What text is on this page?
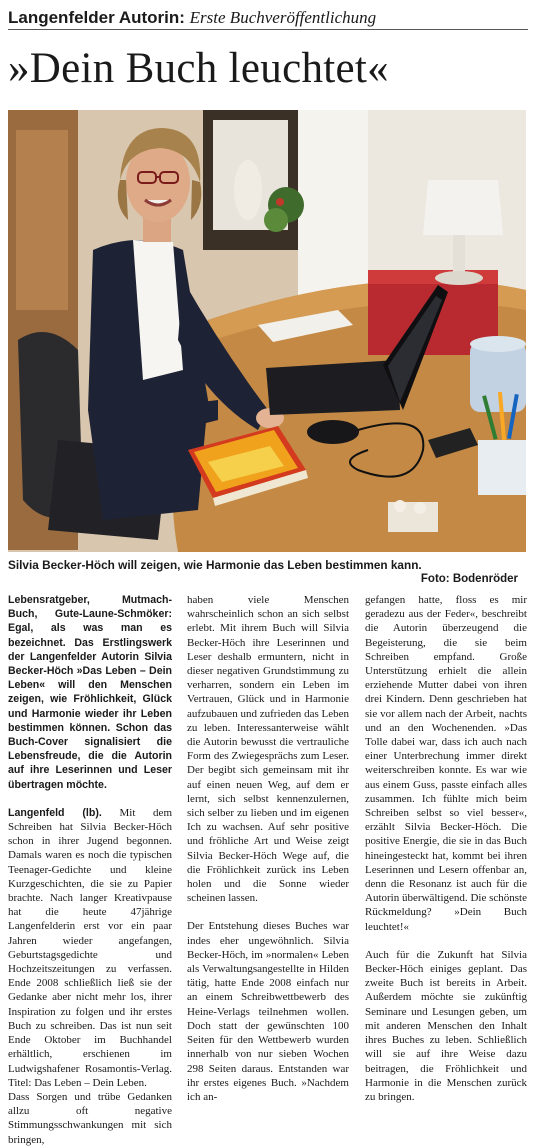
Langenfelder Autorin: Erste Buchveröffentlichung
»Dein Buch leuchtet«
Silvia Becker-Höch will zeigen, wie Harmonie das Leben bestimmen kann.
Foto: Bodenröder

Lebensratgeber, Mutmach-Buch, Gute-Laune-Schmöker: Egal, als was man es bezeichnet. Das Erstlingswerk der Langenfelder Autorin Silvia Becker-Höch »Das Leben – Dein Leben« will den Menschen zeigen, wie Fröhlichkeit, Glück und Harmonie wieder ihr Leben bestimmen können. Schon das Buch-Cover signalisiert die Lebensfreude, die die Autorin auf ihre Leserinnen und Leser übertragen möchte.

Langenfeld (lb). Mit dem Schreiben hat Silvia Becker-Höch schon in ihrer Jugend begonnen. Damals waren es noch die typischen Teenager-Gedichte und kleine Kurzgeschichten, die sie zu Papier brachte. Nach langer Kreativpause hat die heute 47jährige Langenfelderin erst vor ein paar Jahren wieder angefangen, Geburtstagsgedichte und Hochzeitszeitungen zu verfassen. Ende 2008 schließlich ließ sie der Gedanke aber nicht mehr los, ihrer Inspiration zu folgen und ihr erstes Buch zu schreiben. Das ist nun seit Ende Oktober im Buchhandel erhältlich, erschienen im Ludwigshafener Rosamontis-Verlag. Titel: Das Leben – Dein Leben.

Dass Sorgen und trübe Gedanken allzu oft negative Stimmungsschwankungen mit sich bringen,

haben viele Menschen wahrscheinlich schon an sich selbst erlebt. Mit ihrem Buch will Silvia Becker-Höch ihre Leserinnen und Leser deshalb ermuntern, nicht in dieser negativen Grundstimmung zu verharren, sondern ein Leben im Vertrauen, Glück und in Harmonie aufzubauen und zufrieden das Leben zu leben. Interessanterweise wählt die Autorin bewusst die vertrauliche Form des Zwiegesprächs zum Leser. Der begibt sich gemeinsam mit ihr auf einen neuen Weg, auf dem er lernt, sich selbst kennenzulernen, sich selber zu lieben und im eigenen Ich zu wachsen. Auf sehr positive und fröhliche Art und Weise zeigt Silvia Becker-Höch Wege auf, die die Fröhlichkeit zurück ins Leben holen und die Sonne wieder scheinen lassen.

Der Entstehung dieses Buches war indes eher ungewöhnlich. Silvia Becker-Höch, im »normalen« Leben als Verwaltungsangestellte in Hilden tätig, hatte Ende 2008 einfach nur an einem Schreibwettbewerb des Heine-Verlags teilnehmen wollen. Doch statt der gewünschten 100 Seiten für den Wettbewerb wurden innerhalb von nur sieben Wochen 298 Seiten daraus. Entstanden war ihr erstes eigenes Buch. »Nachdem ich an-

gefangen hatte, floss es mir geradezu aus der Feder«, beschreibt die Autorin überzeugend die Begeisterung, die sie beim Schreiben empfand. Große Unterstützung erhielt die allein erziehende Mutter dabei von ihren drei Kindern. Denn geschrieben hat sie vor allem nach der Arbeit, nachts und an den Wochenenden. »Das Tolle dabei war, dass ich auch nach einer Unterbrechung immer direkt weiterschreiben konnte. Es war wie aus einem Guss, passte einfach alles zusammen. Ich fühlte mich beim Schreiben selbst so viel besser«, erzählt Silvia Becker-Höch. Die positive Energie, die sie in das Buch hineingesteckt hat, kommt bei ihren Leserinnen und Lesern offenbar an, denn die Resonanz ist auch für die Autorin überwältigend. Die schönste Rückmeldung? »Dein Buch leuchtet!«

Auch für die Zukunft hat Silvia Becker-Höch einiges geplant. Das zweite Buch ist bereits in Arbeit. Außerdem möchte sie zukünftig Seminare und Lesungen geben, um mit anderen Menschen den Inhalt ihres Buches zu leben. Schließlich will sie auf ihre Weise dazu beitragen, die Fröhlichkeit und Harmonie in die Menschen zurück zu bringen.
